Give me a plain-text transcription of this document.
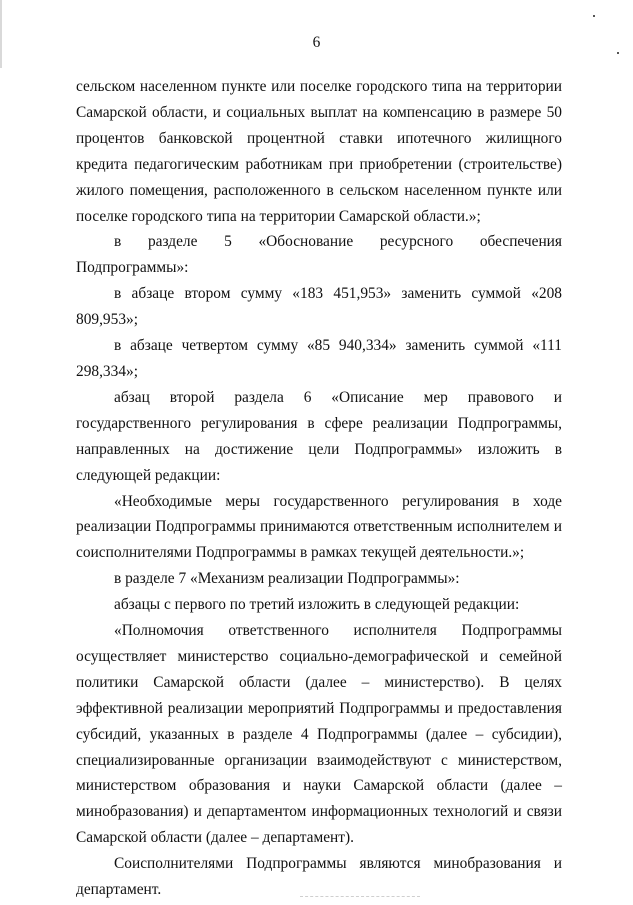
6

сельском населенном пункте или поселке городского типа на территории Самарской области, и социальных выплат на компенсацию в размере 50 процентов банковской процентной ставки ипотечного жилищного кредита педагогическим работникам при приобретении (строительстве) жилого помещения, расположенного в сельском населенном пункте или поселке городского типа на территории Самарской области.»;

в разделе 5 «Обоснование ресурсного обеспечения Подпрограммы»:

в абзаце втором сумму «183 451,953» заменить суммой «208 809,953»;

в абзаце четвертом сумму «85 940,334» заменить суммой «111 298,334»;

абзац второй раздела 6 «Описание мер правового и государственного регулирования в сфере реализации Подпрограммы, направленных на достижение цели Подпрограммы» изложить в следующей редакции:

«Необходимые меры государственного регулирования в ходе реализации Подпрограммы принимаются ответственным исполнителем и соисполнителями Подпрограммы в рамках текущей деятельности.»;

в разделе 7 «Механизм реализации Подпрограммы»:

абзацы с первого по третий изложить в следующей редакции:

«Полномочия ответственного исполнителя Подпрограммы осуществляет министерство социально-демографической и семейной политики Самарской области (далее – министерство). В целях эффективной реализации мероприятий Подпрограммы и предоставления субсидий, указанных в разделе 4 Подпрограммы (далее – субсидии), специализированные организации взаимодействуют с министерством, министерством образования и науки Самарской области (далее – минобразования) и департаментом информационных технологий и связи Самарской области (далее – департамент).

Соисполнителями Подпрограммы являются минобразования и департамент.
